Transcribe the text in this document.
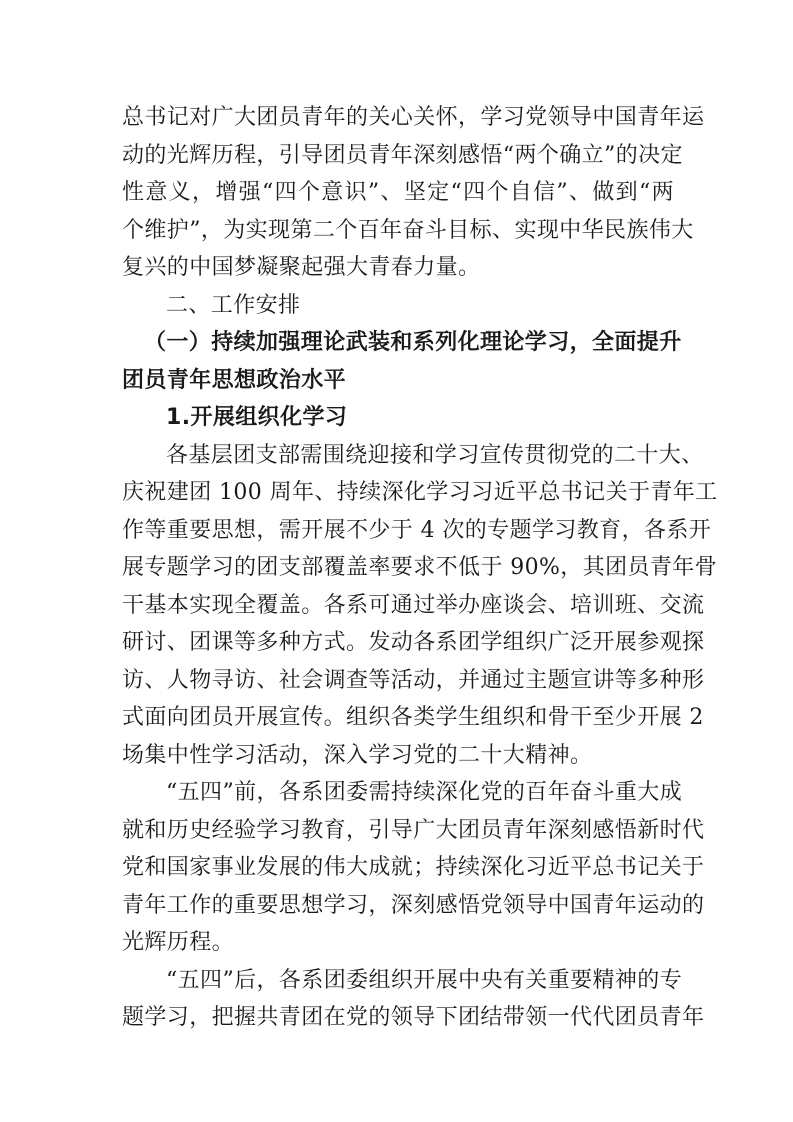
总书记对广大团员青年的关心关怀，学习党领导中国青年运
动的光辉历程，引导团员青年深刻感悟“两个确立”的决定
性意义，增强“四个意识”、坚定“四个自信”、做到“两
个维护”，为实现第二个百年奋斗目标、实现中华民族伟大
复兴的中国梦凝聚起强大青春力量。
二、工作安排
（一）持续加强理论武装和系列化理论学习，全面提升
团员青年思想政治水平
1.开展组织化学习
各基层团支部需围绕迎接和学习宣传贯彻党的二十大、
庆祝建团 100 周年、持续深化学习习近平总书记关于青年工
作等重要思想，需开展不少于 4 次的专题学习教育，各系开
展专题学习的团支部覆盖率要求不低于 90%，其团员青年骨
干基本实现全覆盖。各系可通过举办座谈会、培训班、交流
研讨、团课等多种方式。发动各系团学组织广泛开展参观探
访、人物寻访、社会调查等活动，并通过主题宣讲等多种形
式面向团员开展宣传。组织各类学生组织和骨干至少开展 2
场集中性学习活动，深入学习党的二十大精神。
“五四”前，各系团委需持续深化党的百年奋斗重大成
就和历史经验学习教育，引导广大团员青年深刻感悟新时代
党和国家事业发展的伟大成就；持续深化习近平总书记关于
青年工作的重要思想学习，深刻感悟党领导中国青年运动的
光辉历程。
“五四”后，各系团委组织开展中央有关重要精神的专
题学习，把握共青团在党的领导下团结带领一代代团员青年
